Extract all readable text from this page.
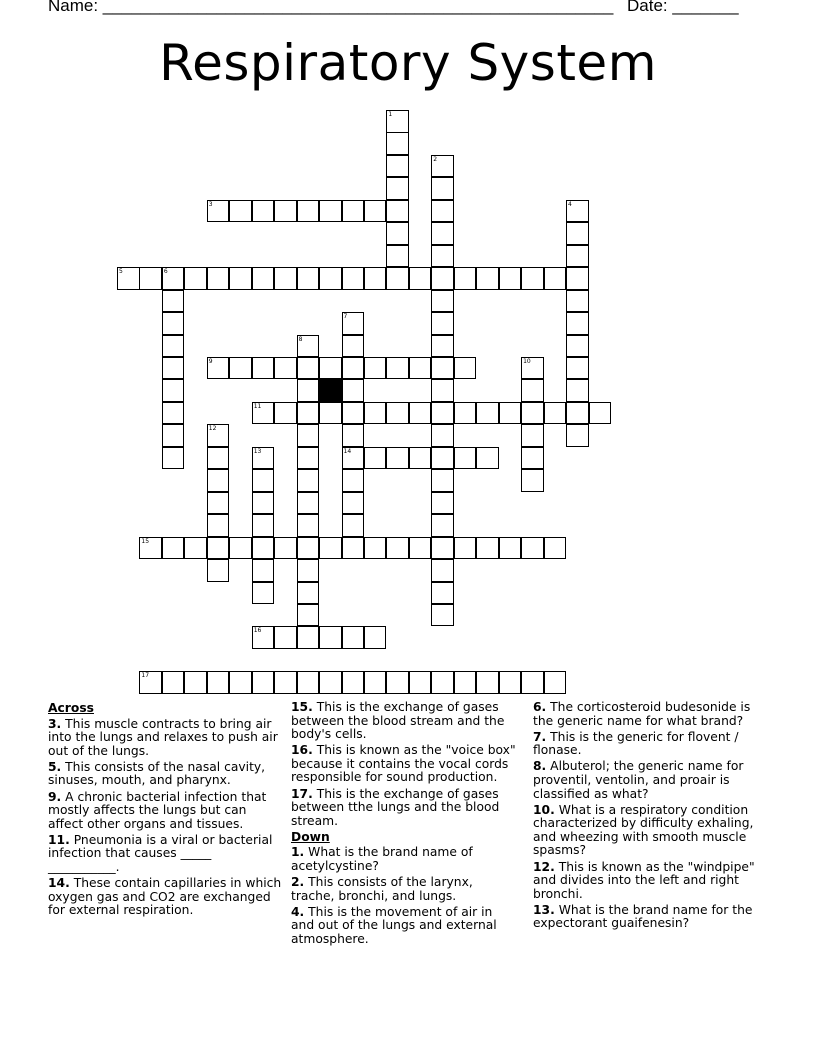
Name: ______________________________________________________ Date: _______
Respiratory System
1
2
3	4
5	6
7
14
8
9	10
11
12
13
15
16
17
Across
3. This muscle contracts to bring air into the lungs and relaxes to push air out of the lungs.
5. This consists of the nasal cavity, sinuses, mouth, and pharynx.
9. A chronic bacterial infection that mostly affects the lungs but can affect other organs and tissues.
11. Pneumonia is a viral or bacterial infection that causes _____ ___________.
14. These contain capillaries in which oxygen gas and CO2 are exchanged for external respiration.
15. This is the exchange of gases between the blood stream and the body's cells.
16. This is known as the "voice box" because it contains the vocal cords responsible for sound production.
17. This is the exchange of gases between tthe lungs and the blood stream.
Down
1. What is the brand name of acetylcystine?
2. This consists of the larynx, trache, bronchi, and lungs.
4. This is the movement of air in and out of the lungs and external atmosphere.
6. The corticosteroid budesonide is the generic name for what brand?
7. This is the generic for flovent / flonase.
8. Albuterol; the generic name for proventil, ventolin, and proair is classified as what?
10. What is a respiratory condition characterized by difficulty exhaling, and wheezing with smooth muscle spasms?
12. This is known as the "windpipe" and divides into the left and right bronchi.
13. What is the brand name for the expectorant guaifenesin?
